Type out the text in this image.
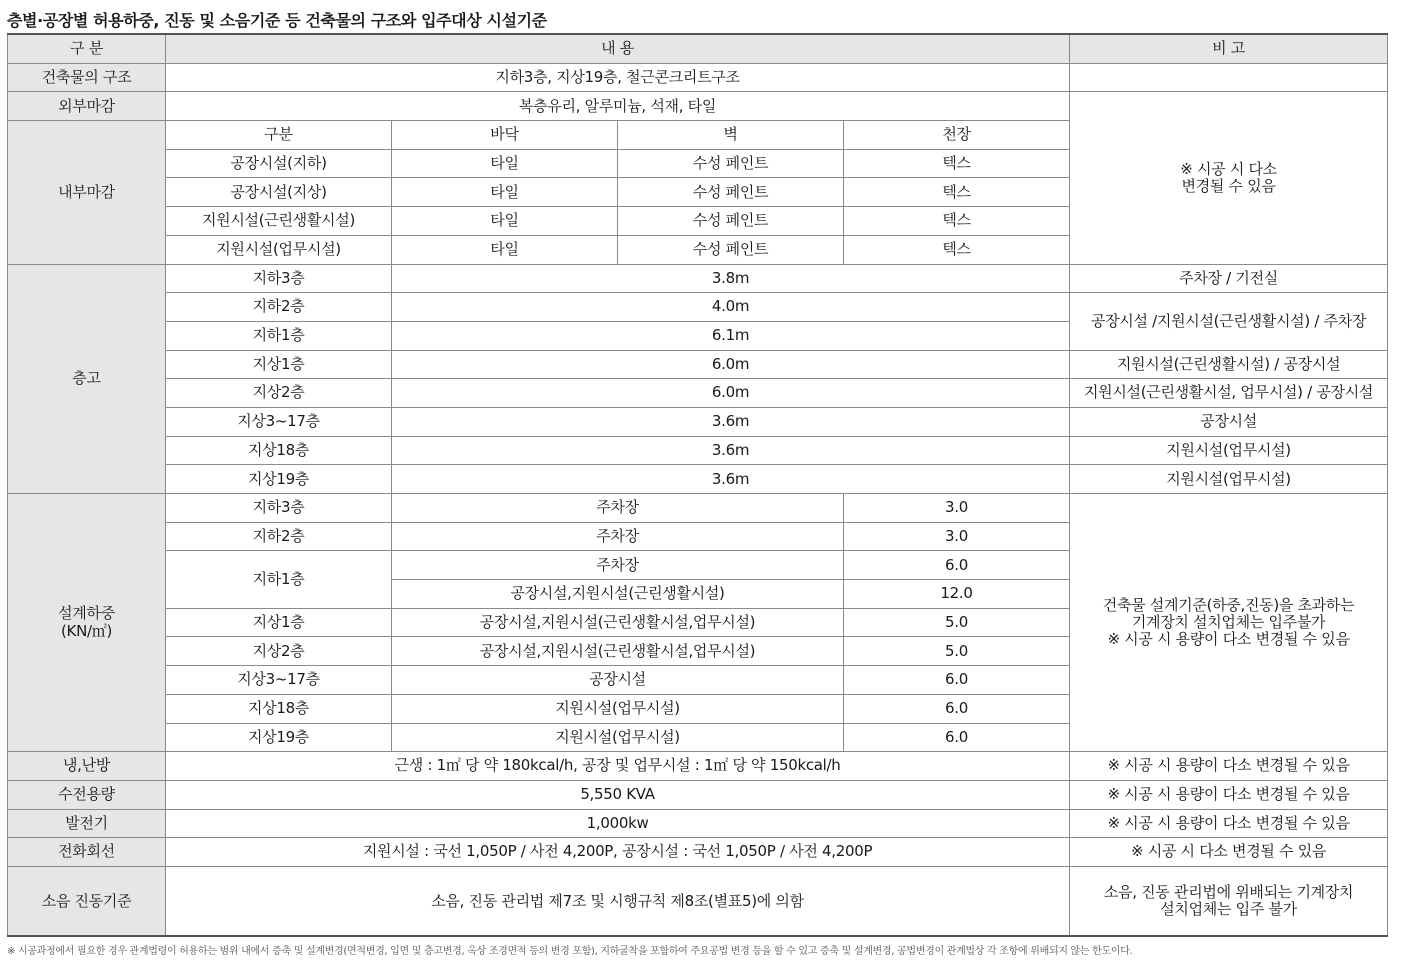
층별·공장별 허용하중, 진동 및 소음기준 등 건축물의 구조와 입주대상 시설기준
구 분	내 용				비 고
건축물의 구조	지하3층, 지상19층, 철근콘크리트구조				
외부마감	복층유리, 알루미늄, 석재, 타일				※ 시공 시 다소
변경될 수 있음

내부마감	구분	바닥	벽	천장	
	공장시설(지하)	타일	수성 페인트	텍스	
	공장시설(지상)	타일	수성 페인트	텍스	
	지원시설(근린생활시설)	타일	수성 페인트	텍스	
	지원시설(업무시설)	타일	수성 페인트	텍스	
층고	지하3층	3.8m			주차장 / 기전실
	지하2층	4.0m			공장시설 /지원시설(근린생활시설) / 주차장
	지하1층	6.1m			
	지상1층	6.0m			지원시설(근린생활시설) / 공장시설
	지상2층	6.0m			지원시설(근린생활시설, 업무시설) / 공장시설
	지상3~17층	3.6m			공장시설
	지상18층	3.6m			지원시설(업무시설)
	지상19층	3.6m			지원시설(업무시설)

설계하중
(KN/㎡)	지하3층	주차장		3.0	건축물 설계기준(하중,진동)을 초과하는
기계장치 설치업체는 입주불가
※ 시공 시 용량이 다소 변경될 수 있음

	지하2층	주차장		3.0	
	지하1층	주차장		6.0	
		공장시설,지원시설(근린생활시설)		12.0	
	지상1층	공장시설,지원시설(근린생활시설,업무시설)		5.0	
	지상2층	공장시설,지원시설(근린생활시설,업무시설)		5.0	
	지상3~17층	공장시설		6.0	
	지상18층	지원시설(업무시설)		6.0	
	지상19층	지원시설(업무시설)		6.0	
냉,난방	근생 : 1㎡ 당 약 180kcal/h, 공장 및 업무시설 : 1㎡ 당 약 150kcal/h				※ 시공 시 용량이 다소 변경될 수 있음
수전용량	5,550 KVA				※ 시공 시 용량이 다소 변경될 수 있음
발전기	1,000kw				※ 시공 시 용량이 다소 변경될 수 있음
전화회선	지원시설 : 국선 1,050P / 사전 4,200P, 공장시설 : 국선 1,050P / 사전 4,200P				※ 시공 시 다소 변경될 수 있음
소음 진동기준	소음, 진동 관리법 제7조 및 시행규칙 제8조(별표5)에 의함				소음, 진동 관리법에 위배되는 기계장치
설치업체는 입주 불가
※ 시공과정에서 필요한 경우 관계법령이 허용하는 범위 내에서 증축 및 설계변경(면적변경, 입면 및 층고변경, 옥상 조경면적 등의 변경 포함), 지하굴착을 포함하여 주요공법 변경 등을 할 수 있고 증축 및 설계변경, 공법변경이 관계법상 각 조항에 위배되지 않는 한도이다.
